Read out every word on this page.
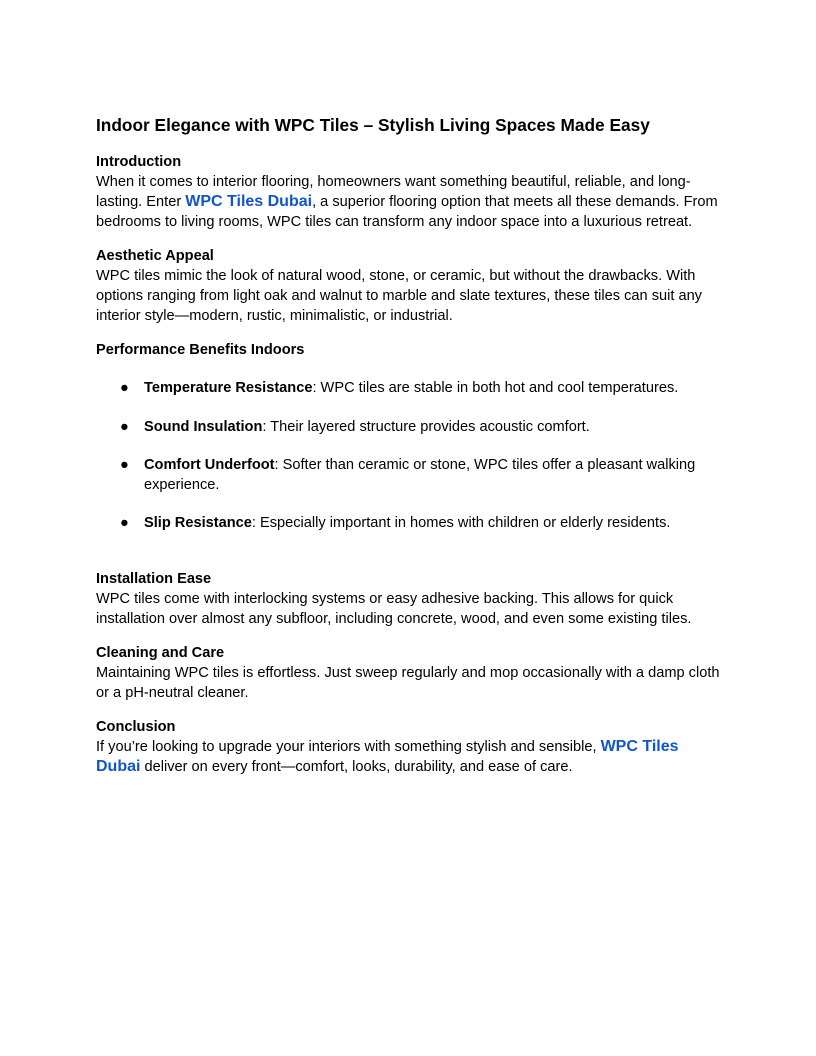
Indoor Elegance with WPC Tiles – Stylish Living Spaces Made Easy
Introduction

When it comes to interior flooring, homeowners want something beautiful, reliable, and long-lasting. Enter WPC Tiles Dubai, a superior flooring option that meets all these demands. From bedrooms to living rooms, WPC tiles can transform any indoor space into a luxurious retreat.

Aesthetic Appeal

WPC tiles mimic the look of natural wood, stone, or ceramic, but without the drawbacks. With options ranging from light oak and walnut to marble and slate textures, these tiles can suit any interior style—modern, rustic, minimalistic, or industrial.

Performance Benefits Indoors
● Temperature Resistance: WPC tiles are stable in both hot and cool temperatures.
● Sound Insulation: Their layered structure provides acoustic comfort.
● Comfort Underfoot: Softer than ceramic or stone, WPC tiles offer a pleasant walking experience.
● Slip Resistance: Especially important in homes with children or elderly residents.
Installation Ease

WPC tiles come with interlocking systems or easy adhesive backing. This allows for quick installation over almost any subfloor, including concrete, wood, and even some existing tiles.

Cleaning and Care

Maintaining WPC tiles is effortless. Just sweep regularly and mop occasionally with a damp cloth or a pH-neutral cleaner.

Conclusion

If you’re looking to upgrade your interiors with something stylish and sensible, WPC Tiles Dubai deliver on every front—comfort, looks, durability, and ease of care.
